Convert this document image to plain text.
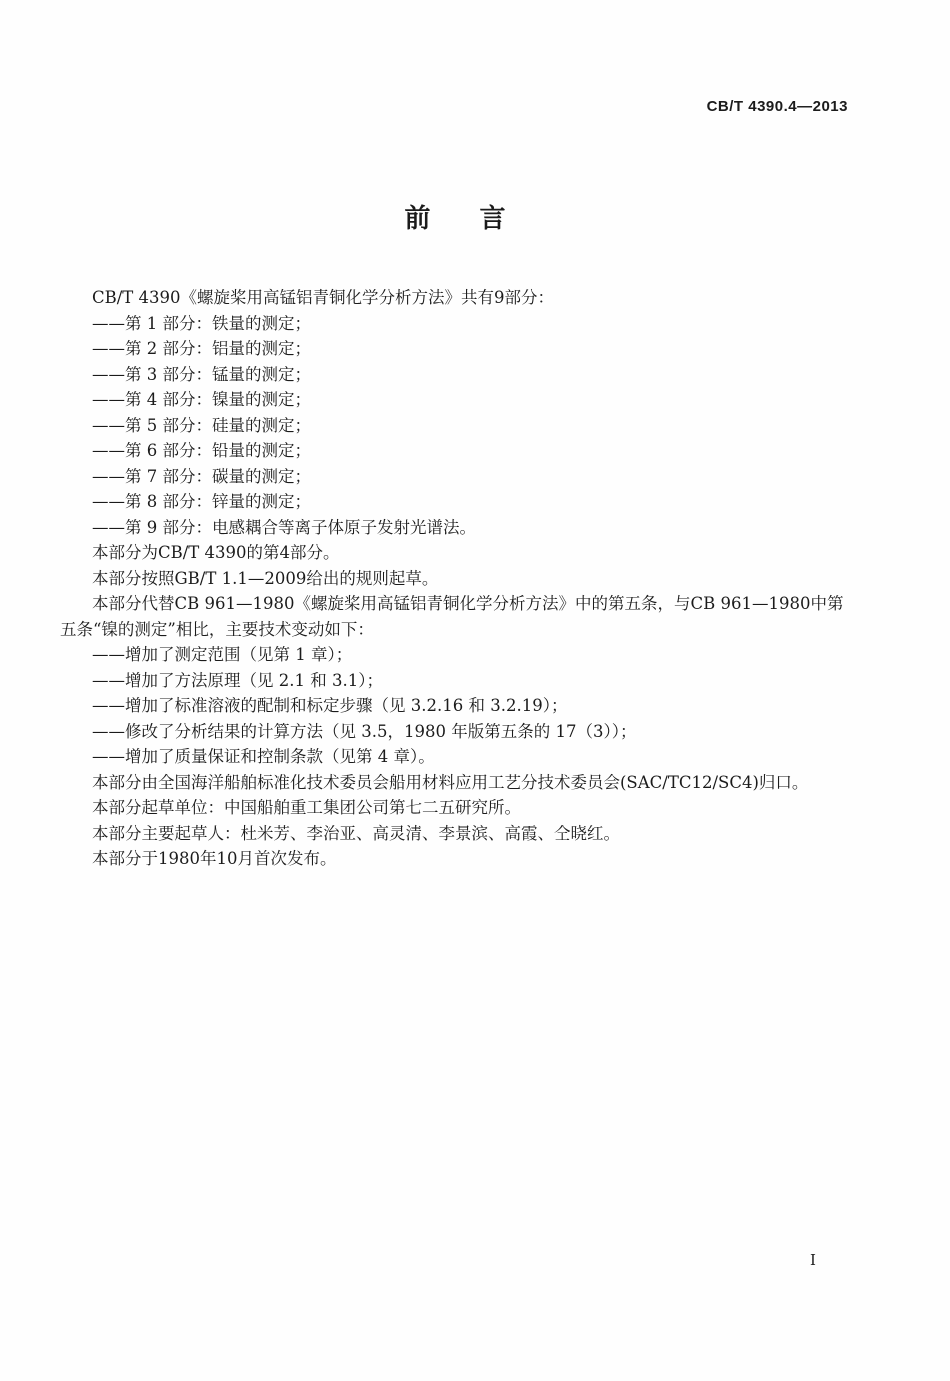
CB/T 4390.4—2013
前 言
CB/T 4390《螺旋桨用高锰铝青铜化学分析方法》共有9部分：
——第 1 部分：铁量的测定；
——第 2 部分：铝量的测定；
——第 3 部分：锰量的测定；
——第 4 部分：镍量的测定；
——第 5 部分：硅量的测定；
——第 6 部分：铅量的测定；
——第 7 部分：碳量的测定；
——第 8 部分：锌量的测定；
——第 9 部分：电感耦合等离子体原子发射光谱法。
本部分为CB/T 4390的第4部分。
本部分按照GB/T 1.1—2009给出的规则起草。
本部分代替CB 961—1980《螺旋桨用高锰铝青铜化学分析方法》中的第五条，与CB 961—1980中第
五条“镍的测定”相比，主要技术变动如下：
——增加了测定范围（见第 1 章）；
——增加了方法原理（见 2.1 和 3.1）；
——增加了标准溶液的配制和标定步骤（见 3.2.16 和 3.2.19）；
——修改了分析结果的计算方法（见 3.5，1980 年版第五条的 17（3））；
——增加了质量保证和控制条款（见第 4 章）。
本部分由全国海洋船舶标准化技术委员会船用材料应用工艺分技术委员会(SAC/TC12/SC4)归口。
本部分起草单位：中国船舶重工集团公司第七二五研究所。
本部分主要起草人：杜米芳、李治亚、高灵清、李景滨、高霞、仝晓红。
本部分于1980年10月首次发布。
I
